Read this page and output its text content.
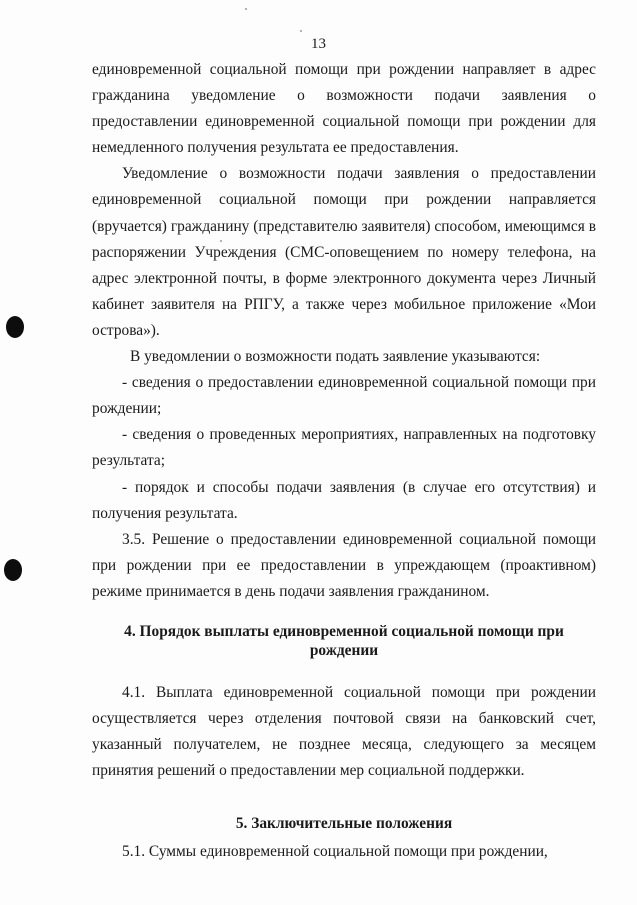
13

единовременной социальной помощи при рождении направляет в адрес гражданина уведомление о возможности подачи заявления о предоставлении единовременной социальной помощи при рождении для немедленного получения результата ее предоставления.

Уведомление о возможности подачи заявления о предоставлении единовременной социальной помощи при рождении направляется (вручается) гражданину (представителю заявителя) способом, имеющимся в распоряжении Учреждения (СМС-оповещением по номеру телефона, на адрес электронной почты, в форме электронного документа через Личный кабинет заявителя на РПГУ, а также через мобильное приложение «Мои острова»).

В уведомлении о возможности подать заявление указываются:

- сведения о предоставлении единовременной социальной помощи при рождении;

- сведения о проведенных мероприятиях, направленных на подготовку результата;

- порядок и способы подачи заявления (в случае его отсутствия) и получения результата.

3.5. Решение о предоставлении единовременной социальной помощи при рождении при ее предоставлении в упреждающем (проактивном) режиме принимается в день подачи заявления гражданином.

4. Порядок выплаты единовременной социальной помощи при рождении

4.1. Выплата единовременной социальной помощи при рождении осуществляется через отделения почтовой связи на банковский счет, указанный получателем, не позднее месяца, следующего за месяцем принятия решений о предоставлении мер социальной поддержки.

5. Заключительные положения

5.1. Суммы единовременной социальной помощи при рождении,
